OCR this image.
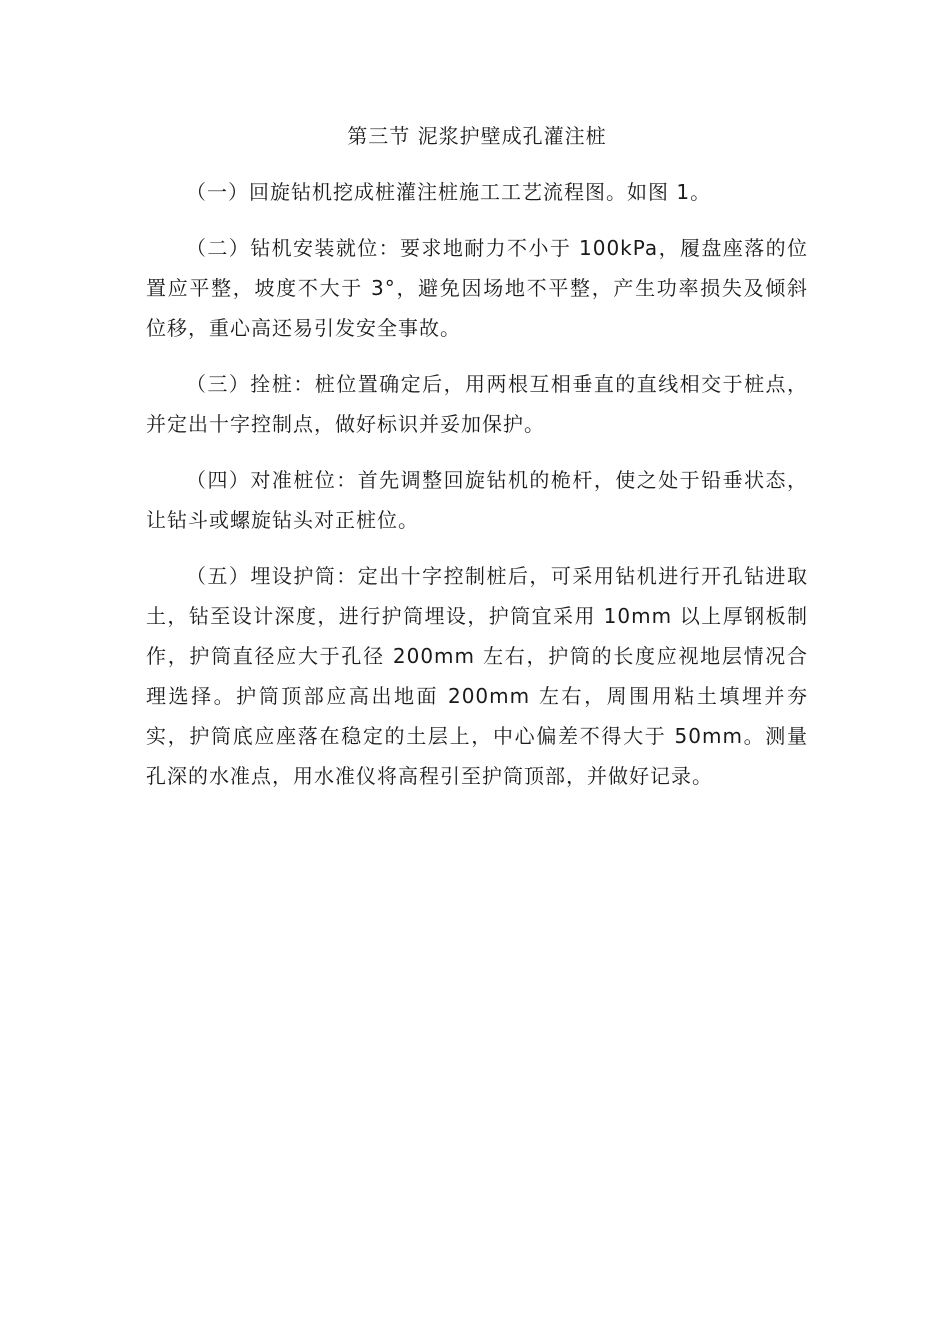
第三节 泥浆护壁成孔灌注桩

（一）回旋钻机挖成桩灌注桩施工工艺流程图。如图 1。

（二）钻机安装就位：要求地耐力不小于 100kPa，履盘座落的位置应平整，坡度不大于 3°，避免因场地不平整，产生功率损失及倾斜位移，重心高还易引发安全事故。

（三）拴桩：桩位置确定后，用两根互相垂直的直线相交于桩点，并定出十字控制点，做好标识并妥加保护。

（四）对准桩位：首先调整回旋钻机的桅杆，使之处于铅垂状态，让钻斗或螺旋钻头对正桩位。

（五）埋设护筒：定出十字控制桩后，可采用钻机进行开孔钻进取土，钻至设计深度，进行护筒埋设，护筒宜采用 10mm 以上厚钢板制作，护筒直径应大于孔径 200mm 左右，护筒的长度应视地层情况合理选择。护筒顶部应高出地面 200mm 左右，周围用粘土填埋并夯实，护筒底应座落在稳定的土层上，中心偏差不得大于 50mm。测量孔深的水准点，用水准仪将高程引至护筒顶部，并做好记录。
